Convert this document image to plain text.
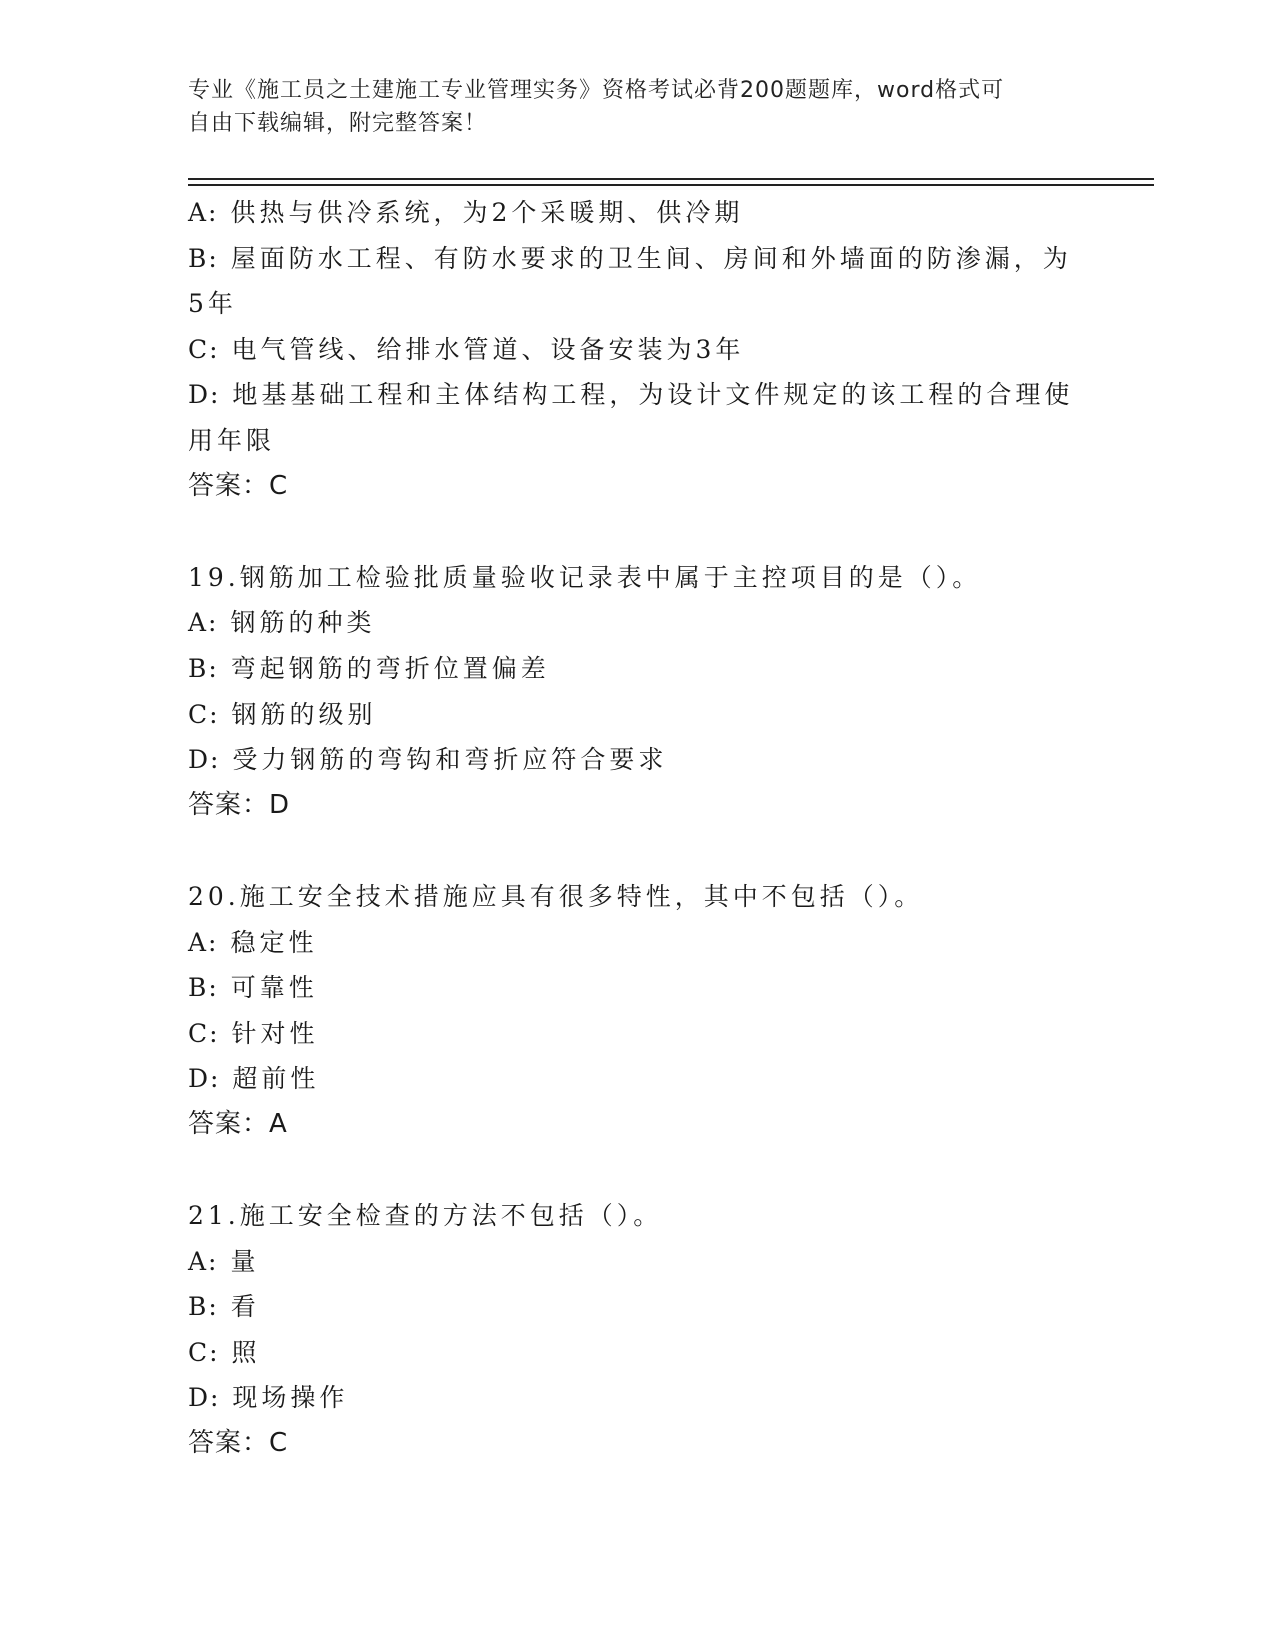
专业《施工员之土建施工专业管理实务》资格考试必背200题题库，word格式可
自由下载编辑，附完整答案！
A: 供热与供冷系统，为2个采暖期、供冷期
B: 屋面防水工程、有防水要求的卫生间、房间和外墙面的防渗漏，为
5年
C: 电气管线、给排水管道、设备安装为3年
D: 地基基础工程和主体结构工程，为设计文件规定的该工程的合理使
用年限
答案：C
19.钢筋加工检验批质量验收记录表中属于主控项目的是（）。
A: 钢筋的种类
B: 弯起钢筋的弯折位置偏差
C: 钢筋的级别
D: 受力钢筋的弯钩和弯折应符合要求
答案：D
20.施工安全技术措施应具有很多特性，其中不包括（）。
A: 稳定性
B: 可靠性
C: 针对性
D: 超前性
答案：A
21.施工安全检查的方法不包括（）。
A: 量
B: 看
C: 照
D: 现场操作
答案：C
